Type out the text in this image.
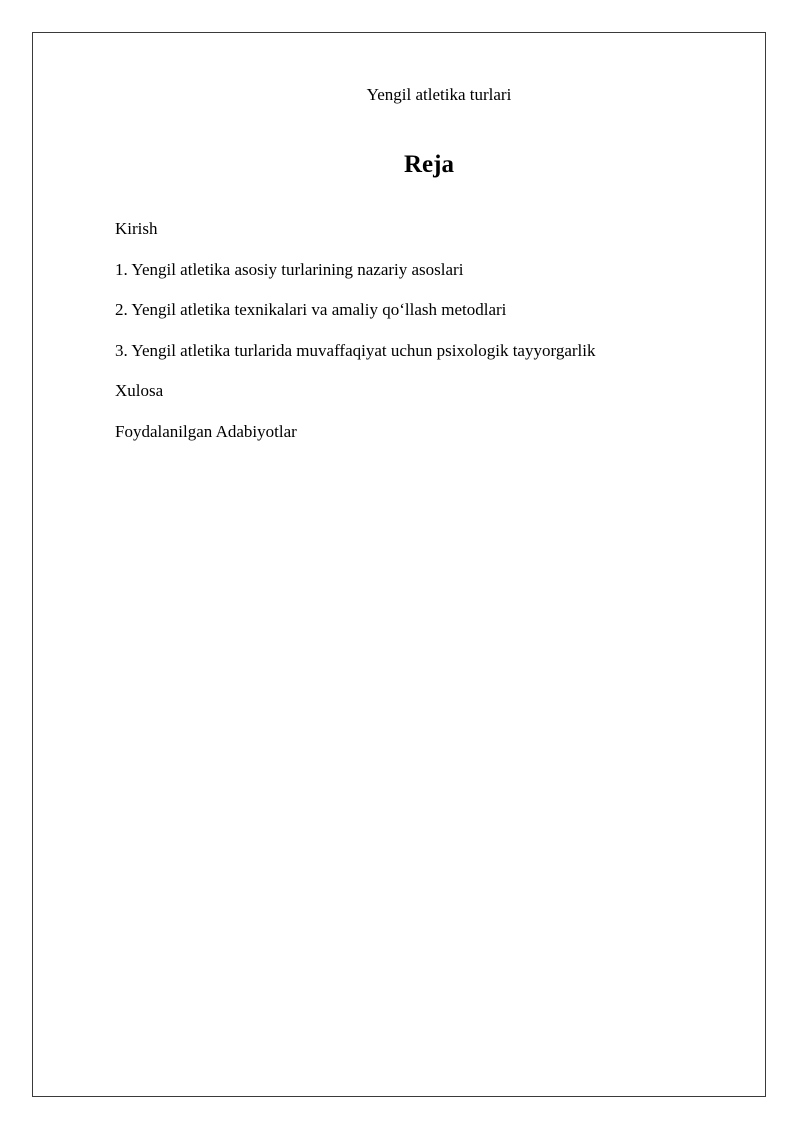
Yengil atletika turlari
Reja
Kirish
1. Yengil atletika asosiy turlarining nazariy asoslari
2. Yengil atletika texnikalari va amaliy qo‘llash metodlari
3. Yengil atletika turlarida muvaffaqiyat uchun psixologik tayyorgarlik
Xulosa
Foydalanilgan Adabiyotlar
